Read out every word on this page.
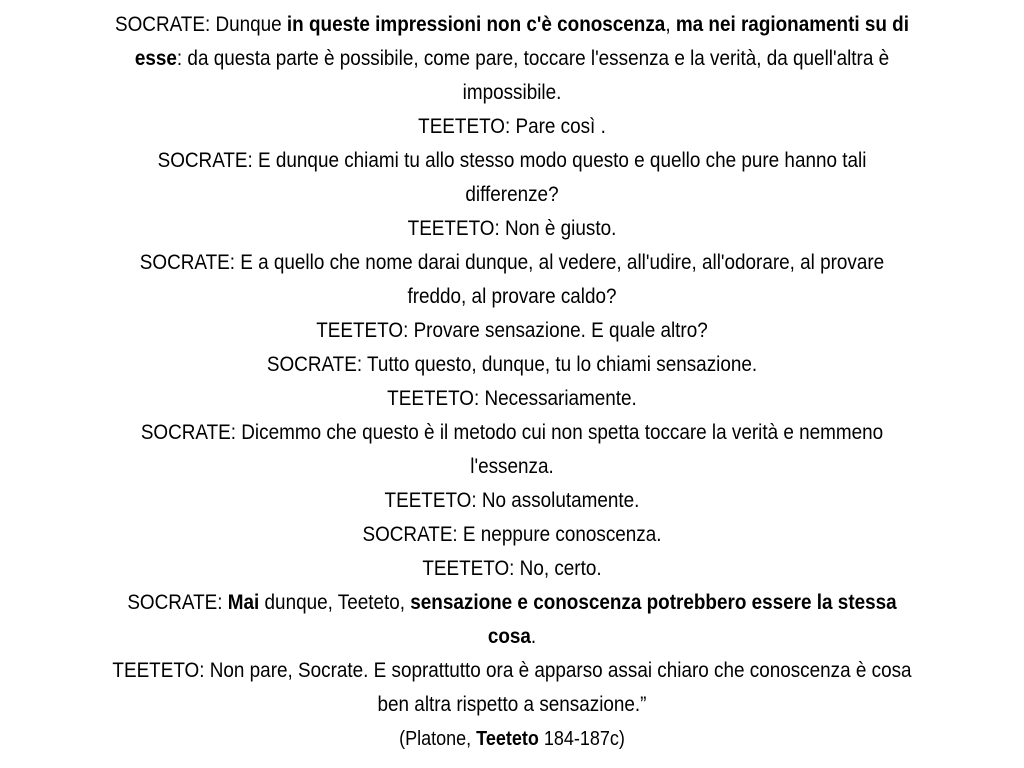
SOCRATE: Dunque in queste impressioni non c'è conoscenza, ma nei ragionamenti su di esse: da questa parte è possibile, come pare, toccare l'essenza e la verità, da quell'altra è impossibile.
TEETETO: Pare così .
SOCRATE: E dunque chiami tu allo stesso modo questo e quello che pure hanno tali differenze?
TEETETO: Non è giusto.
SOCRATE: E a quello che nome darai dunque, al vedere, all'udire, all'odorare, al provare freddo, al provare caldo?
TEETETO: Provare sensazione. E quale altro?
SOCRATE: Tutto questo, dunque, tu lo chiami sensazione.
TEETETO: Necessariamente.
SOCRATE: Dicemmo che questo è il metodo cui non spetta toccare la verità e nemmeno l'essenza.
TEETETO: No assolutamente.
SOCRATE: E neppure conoscenza.
TEETETO: No, certo.
SOCRATE: Mai dunque, Teeteto, sensazione e conoscenza potrebbero essere la stessa cosa.
TEETETO: Non pare, Socrate. E soprattutto ora è apparso assai chiaro che conoscenza è cosa ben altra rispetto a sensazione.”
(Platone, Teeteto 184-187c)
